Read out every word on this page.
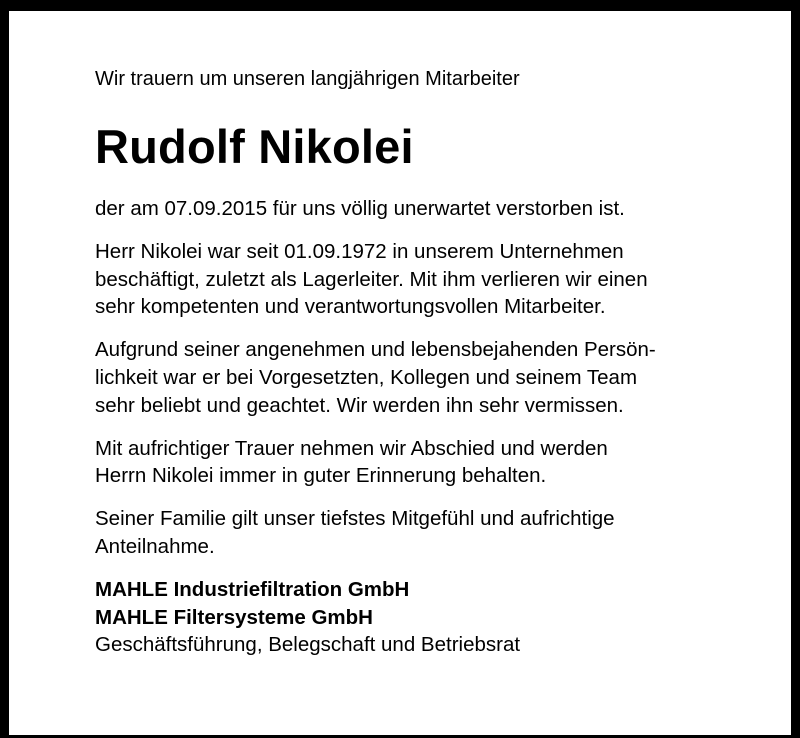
Wir trauern um unseren langjährigen Mitarbeiter

Rudolf Nikolei
der am 07.09.2015 für uns völlig unerwartet verstorben ist.
Herr Nikolei war seit 01.09.1972 in unserem Unternehmen
beschäftigt, zuletzt als Lagerleiter. Mit ihm verlieren wir einen
sehr kompetenten und verantwortungsvollen Mitarbeiter.
Aufgrund seiner angenehmen und lebensbejahenden Persön-
lichkeit war er bei Vorgesetzten, Kollegen und seinem Team
sehr beliebt und geachtet. Wir werden ihn sehr vermissen.
Mit aufrichtiger Trauer nehmen wir Abschied und werden
Herrn Nikolei immer in guter Erinnerung behalten.
Seiner Familie gilt unser tiefstes Mitgefühl und aufrichtige
Anteilnahme.
MAHLE Industriefiltration GmbH
MAHLE Filtersysteme GmbH
Geschäftsführung, Belegschaft und Betriebsrat
